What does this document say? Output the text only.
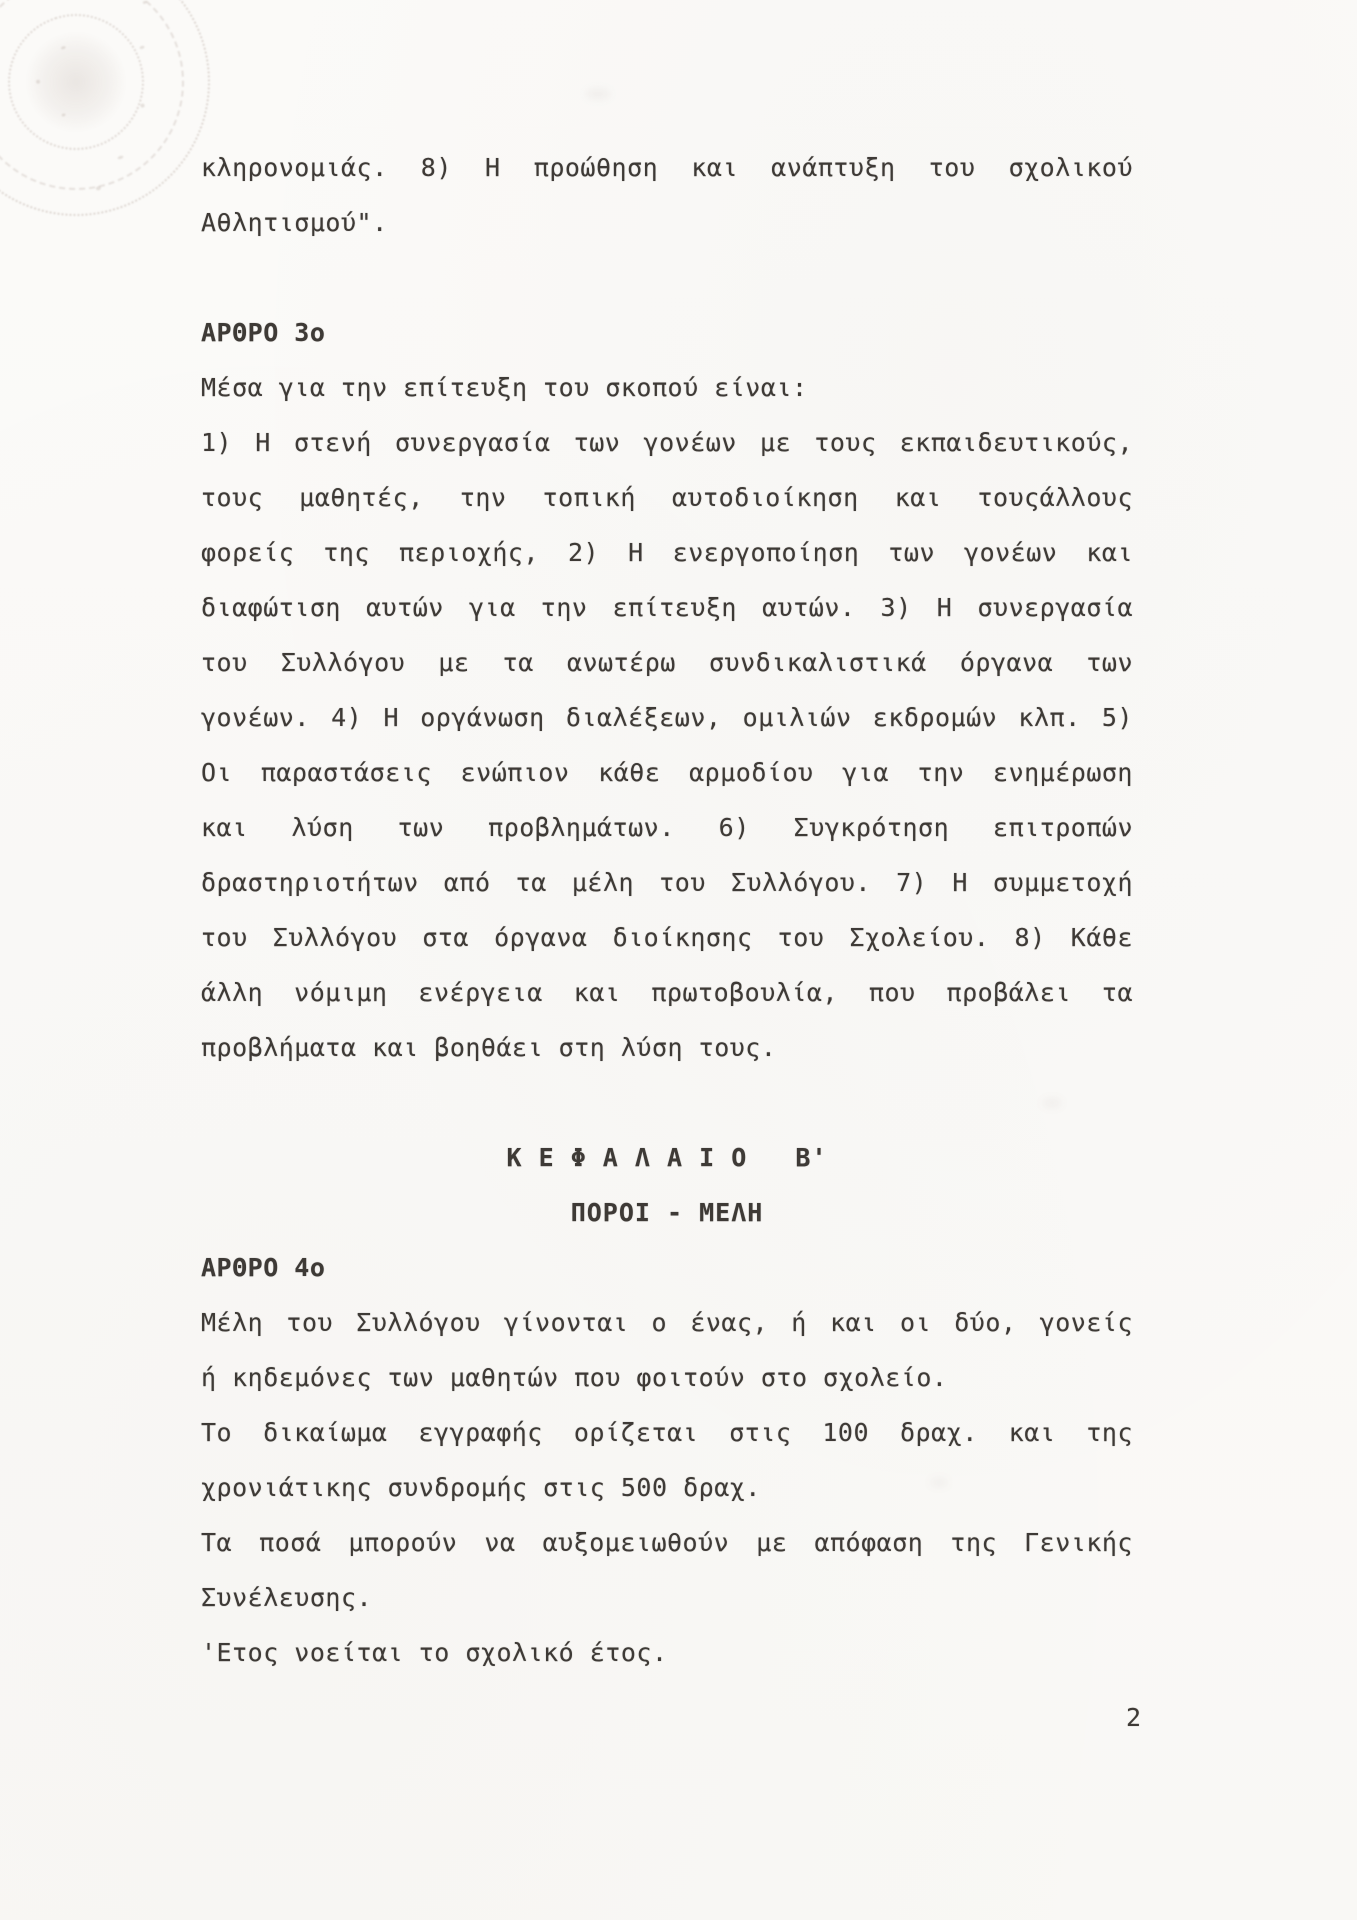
κληρονομιάς. 8) Η προώθηση και ανάπτυξη του σχολικού
Αθλητισμού".
ΑΡΘΡΟ 3ο
Μέσα για την επίτευξη του σκοπού είναι:
1) Η στενή συνεργασία των γονέων με τους εκπαιδευτικούς,
τους μαθητές, την τοπική αυτοδιοίκηση και τουςάλλους
φορείς της περιοχής, 2) Η ενεργοποίηση των γονέων και
διαφώτιση αυτών για την επίτευξη αυτών. 3) Η συνεργασία
του Συλλόγου με τα ανωτέρω συνδικαλιστικά όργανα των
γονέων. 4) Η οργάνωση διαλέξεων, ομιλιών εκδρομών κλπ. 5)
Οι παραστάσεις ενώπιον κάθε αρμοδίου για την ενημέρωση
και λύση των προβλημάτων. 6) Συγκρότηση επιτροπών
δραστηριοτήτων από τα μέλη του Συλλόγου. 7) Η συμμετοχή
του Συλλόγου στα όργανα διοίκησης του Σχολείου. 8) Κάθε
άλλη νόμιμη ενέργεια και πρωτοβουλία, που προβάλει τα
προβλήματα και βοηθάει στη λύση τους.
Κ Ε Φ Α Λ Α Ι Ο   Β'
ΠΟΡΟΙ - ΜΕΛΗ
ΑΡΘΡΟ 4ο
Μέλη του Συλλόγου γίνονται ο ένας, ή και οι δύο, γονείς
ή κηδεμόνες των μαθητών που φοιτούν στο σχολείο.
Το δικαίωμα εγγραφής ορίζεται στις 100 δραχ. και της
χρονιάτικης συνδρομής στις 500 δραχ.
Τα ποσά μπορούν να αυξομειωθούν με απόφαση της Γενικής
Συνέλευσης.
'Ετος νοείται το σχολικό έτος.
2
